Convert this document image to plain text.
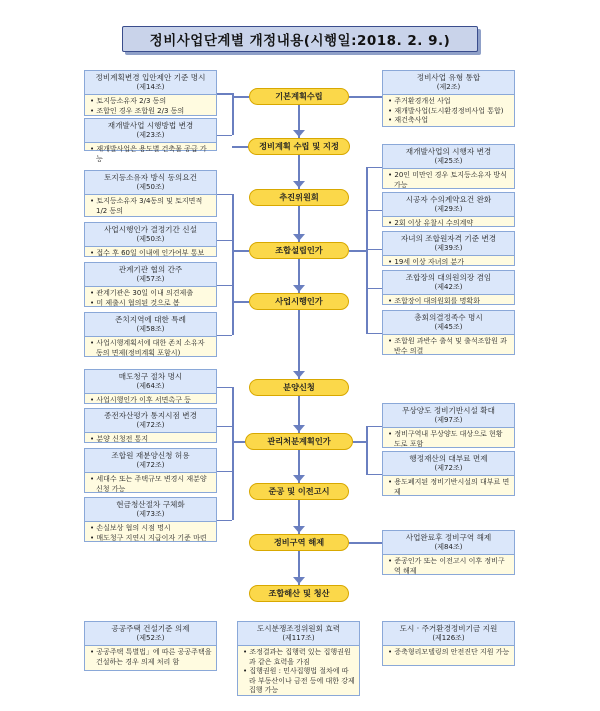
정비사업단계별 개정내용(시행일:2018. 2. 9.)
기본계획수립
정비계획 수립 및 지정
추진위원회
조합설립인가
사업시행인가
분양신청
관리처분계획인가
준공 및 이전고시
정비구역 해제
조합해산 및 청산
정비계획변경 입안제안 기준 명시
(제14조)
• 토지등소유자 2/3 동의
• 조합인 경우 조합원 2/3 동의
재개발사업 시행방법 변경
(제23조)
• 재개발사업은 용도별 건축물 공급 가능
토지등소유자 방식 동의요건
(제50조)
• 토지등소유자 3/4동의 및 토지면적 1/2 동의
사업시행인가 결정기간 신설
(제50조)
• 접수 후 60일 이내에 인가여부 통보
관계기관 협의 간주
(제57조)
• 관계기관은 30일 이내 의견제출
• 미 제출시 협의된 것으로 봄
존치지역에 대한 특례
(제58조)
• 사업시행계획서에 대한 존치 소유자 동의 면제(정비계획 포함시)
매도청구 절차 명시
(제64조)
• 사업시행인가 이후 서면촉구 등
종전자산평가 통지시점 변경
(제72조)
• 분양 신청전 통지
조합원 재분양신청 허용
(제72조)
• 세대수 또는 주택규모 변경시 재분양 신청 가능
현금청산절차 구체화
(제73조)
• 손실보상 협의 시점 명시
• 매도청구 지연시 지급이자 기준 마련
공공주택 건설기준 의제
(제52조)
• 공공주택 특별법」에 따른 공공주택을 건설하는 경우 의제 처리 함
정비사업 유형 통합
(제2조)
• 주거환경개선 사업
• 재개발사업(도시환경정비사업 통합)
• 재건축사업
재개발사업의 시행자 변경
(제25조)
• 20인 미만인 경우 토지등소유자 방식 가능
시공자 수의계약요건 완화
(제29조)
• 2회 이상 유찰시 수의계약
자녀의 조합원자격 기준 변경
(제39조)
• 19세 이상 자녀의 분가
조합장의 대의원의장 겸임
(제42조)
• 조합장이 대의원회를 명확화
총회의결정족수 명시
(제45조)
• 조합원 과반수 출석 및 출석조합원 과반수 의결
무상양도 정비기반시설 확대
(제97조)
• 정비구역내 무상양도 대상으로 현황 도로 포함
행정재산의 대부료 면제
(제72조)
• 용도폐지된 정비기반시설의 대부료 면제
사업완료후 정비구역 해제
(제84조)
• 준공인가 또는 이전고시 이후 정비구역 해제
도시 · 주거환경정비기금 지원
(제126조)
• 증축형리모델링의 안전진단 지원 가능
도시분쟁조정위원회 효력
(제117조)
• 조정결과는 집행력 있는 집행권원과 같은 효력을 가짐
• 집행권원 : 민사집행법 절차에 따라 부동산이나 금전 등에 대한 강제집행 가능
